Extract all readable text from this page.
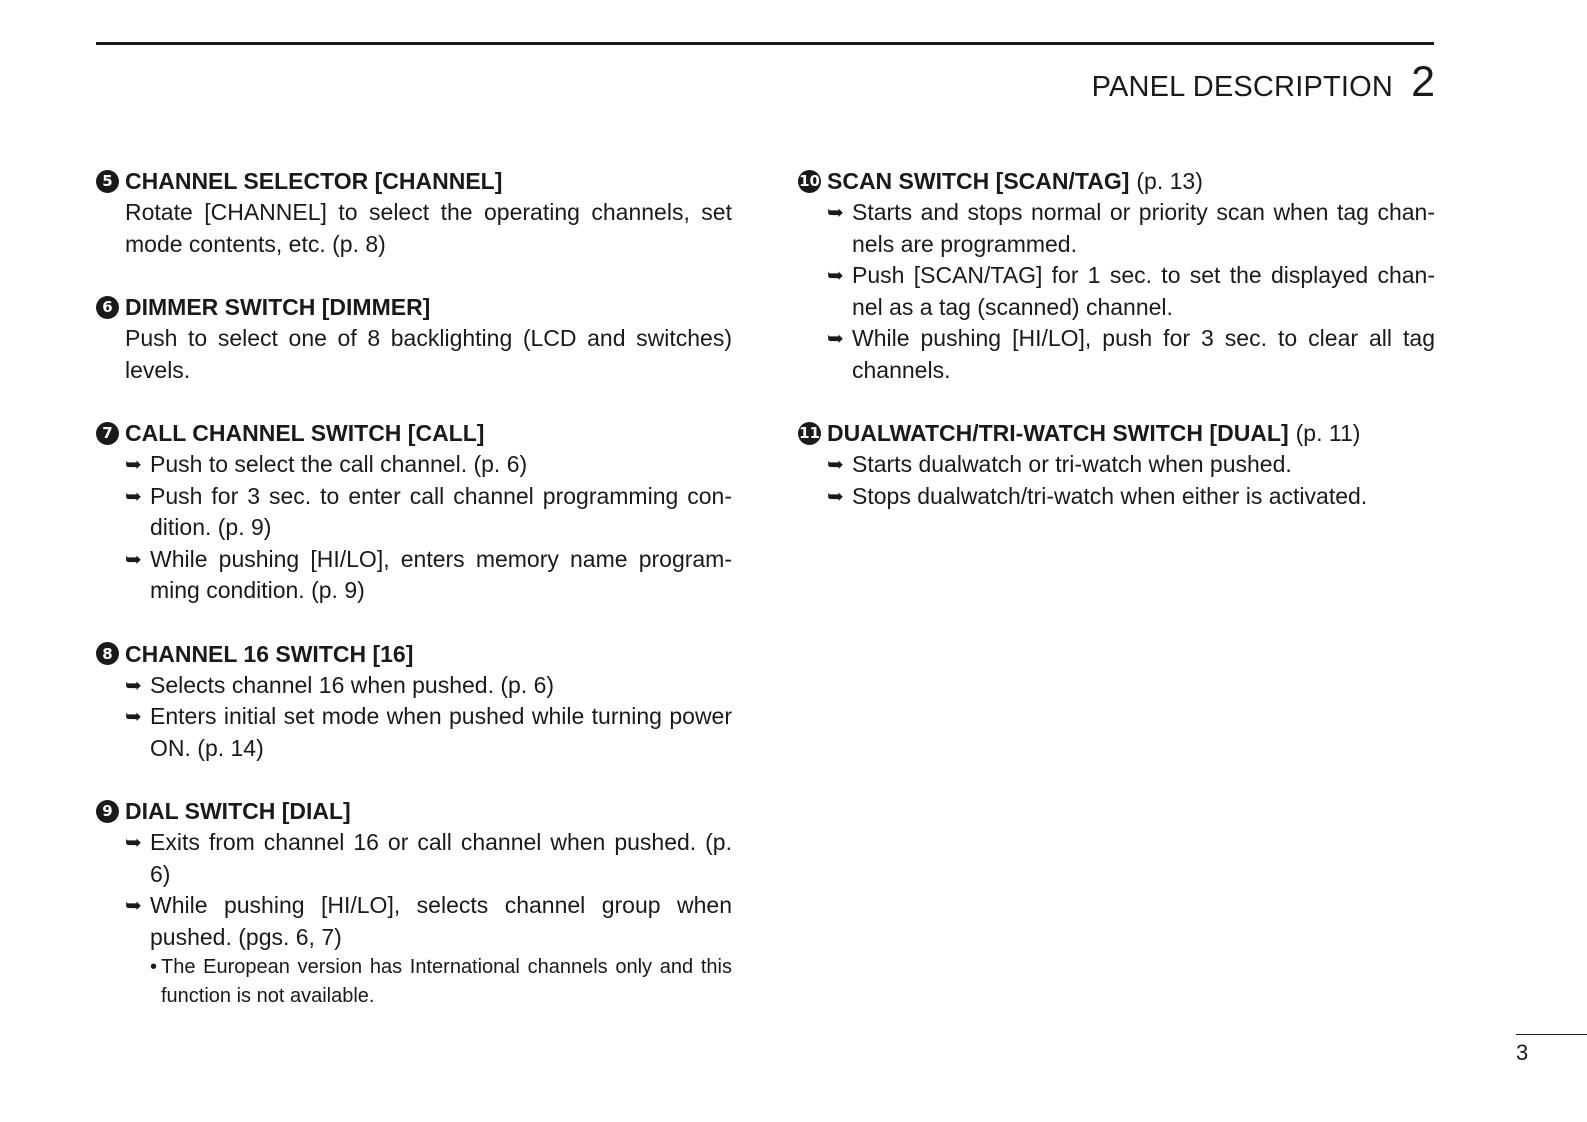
PANEL DESCRIPTION 2
5 CHANNEL SELECTOR [CHANNEL]
Rotate [CHANNEL] to select the operating channels, set mode contents, etc. (p. 8)
6 DIMMER SWITCH [DIMMER]
Push to select one of 8 backlighting (LCD and switches) levels.
7 CALL CHANNEL SWITCH [CALL]
➥ Push to select the call channel. (p. 6)
➥ Push for 3 sec. to enter call channel programming con-dition. (p. 9)
➥ While pushing [HI/LO], enters memory name program-ming condition. (p. 9)
8 CHANNEL 16 SWITCH [16]
➥ Selects channel 16 when pushed. (p. 6)
➥ Enters initial set mode when pushed while turning power ON. (p. 14)
9 DIAL SWITCH [DIAL]
➥ Exits from channel 16 or call channel when pushed. (p. 6)
➥ While pushing [HI/LO], selects channel group when pushed. (pgs. 6, 7)
• The European version has International channels only and this function is not available.
10 SCAN SWITCH [SCAN/TAG] (p. 13)
➥ Starts and stops normal or priority scan when tag chan-nels are programmed.
➥ Push [SCAN/TAG] for 1 sec. to set the displayed chan-nel as a tag (scanned) channel.
➥ While pushing [HI/LO], push for 3 sec. to clear all tag channels.
11 DUALWATCH/TRI-WATCH SWITCH [DUAL] (p. 11)
➥ Starts dualwatch or tri-watch when pushed.
➥ Stops dualwatch/tri-watch when either is activated.
3
